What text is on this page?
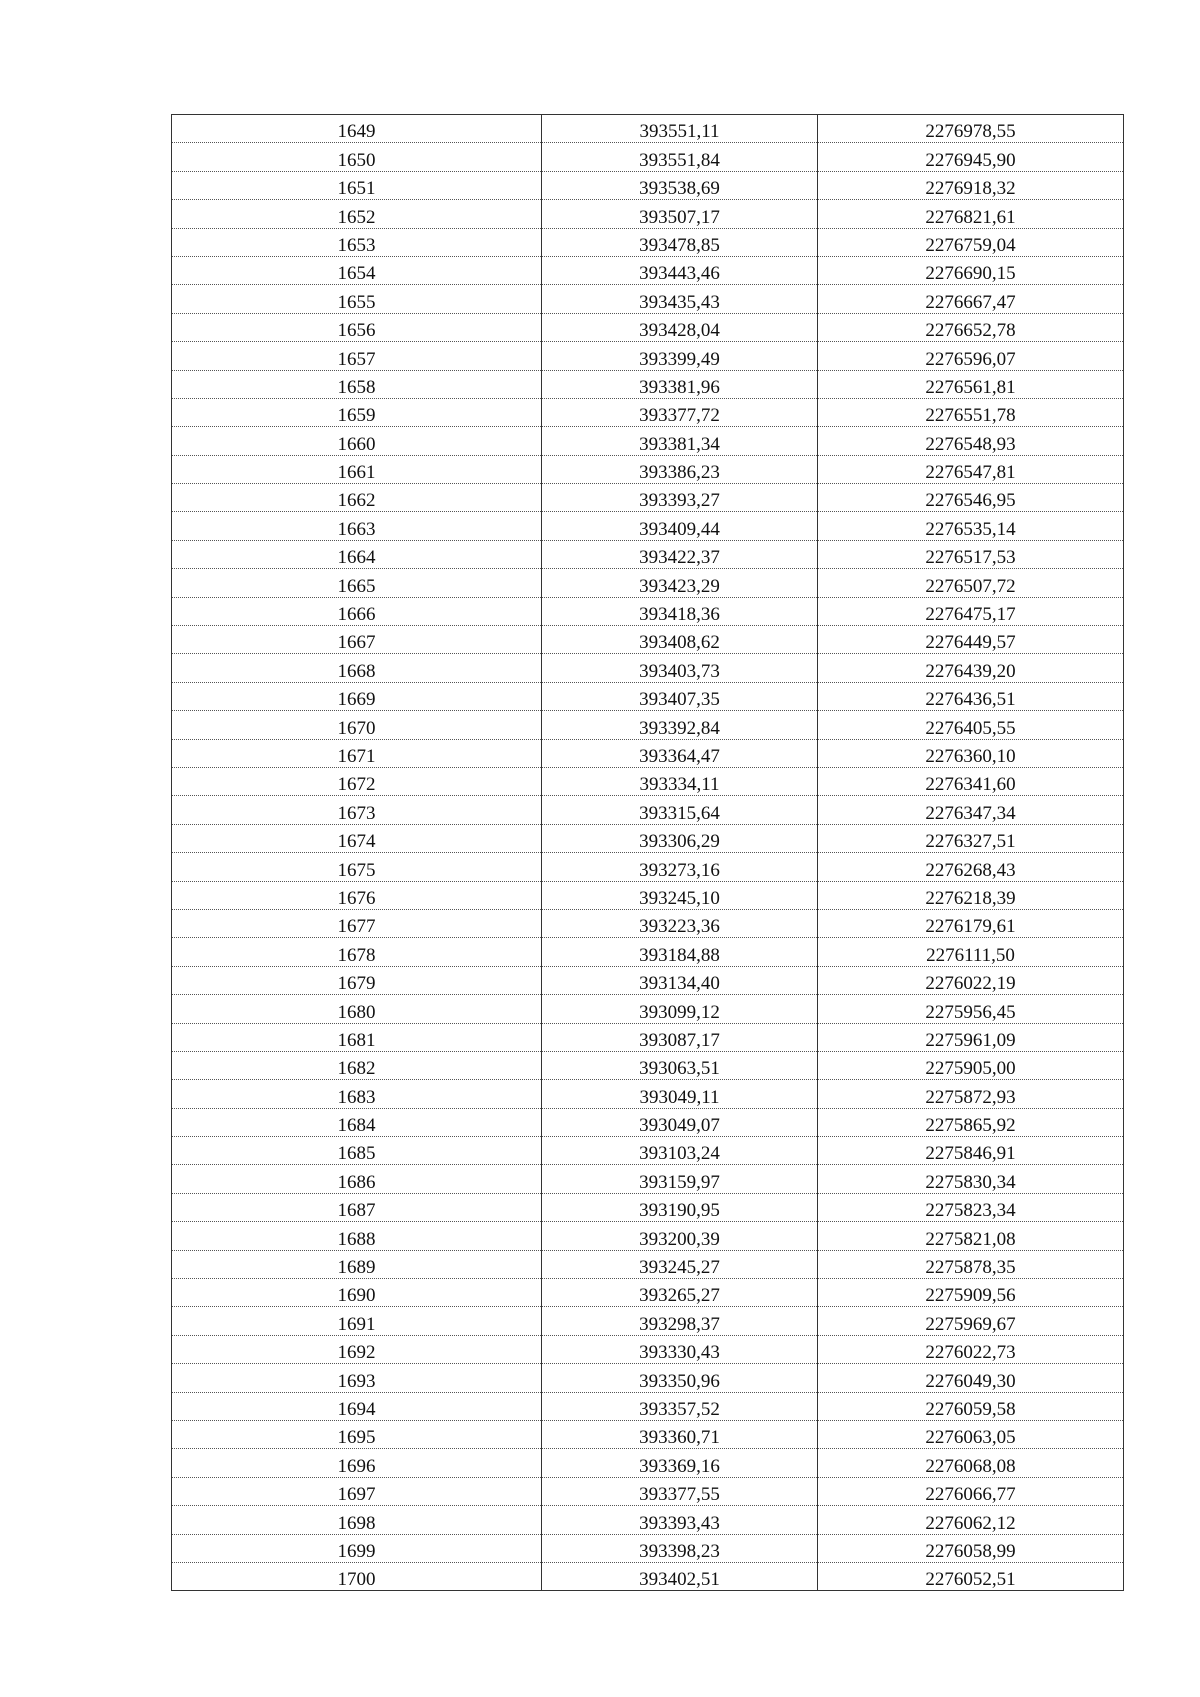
1649	393551,11	2276978,55
1650	393551,84	2276945,90
1651	393538,69	2276918,32
1652	393507,17	2276821,61
1653	393478,85	2276759,04
1654	393443,46	2276690,15
1655	393435,43	2276667,47
1656	393428,04	2276652,78
1657	393399,49	2276596,07
1658	393381,96	2276561,81
1659	393377,72	2276551,78
1660	393381,34	2276548,93
1661	393386,23	2276547,81
1662	393393,27	2276546,95
1663	393409,44	2276535,14
1664	393422,37	2276517,53
1665	393423,29	2276507,72
1666	393418,36	2276475,17
1667	393408,62	2276449,57
1668	393403,73	2276439,20
1669	393407,35	2276436,51
1670	393392,84	2276405,55
1671	393364,47	2276360,10
1672	393334,11	2276341,60
1673	393315,64	2276347,34
1674	393306,29	2276327,51
1675	393273,16	2276268,43
1676	393245,10	2276218,39
1677	393223,36	2276179,61
1678	393184,88	2276111,50
1679	393134,40	2276022,19
1680	393099,12	2275956,45
1681	393087,17	2275961,09
1682	393063,51	2275905,00
1683	393049,11	2275872,93
1684	393049,07	2275865,92
1685	393103,24	2275846,91
1686	393159,97	2275830,34
1687	393190,95	2275823,34
1688	393200,39	2275821,08
1689	393245,27	2275878,35
1690	393265,27	2275909,56
1691	393298,37	2275969,67
1692	393330,43	2276022,73
1693	393350,96	2276049,30
1694	393357,52	2276059,58
1695	393360,71	2276063,05
1696	393369,16	2276068,08
1697	393377,55	2276066,77
1698	393393,43	2276062,12
1699	393398,23	2276058,99
1700	393402,51	2276052,51
